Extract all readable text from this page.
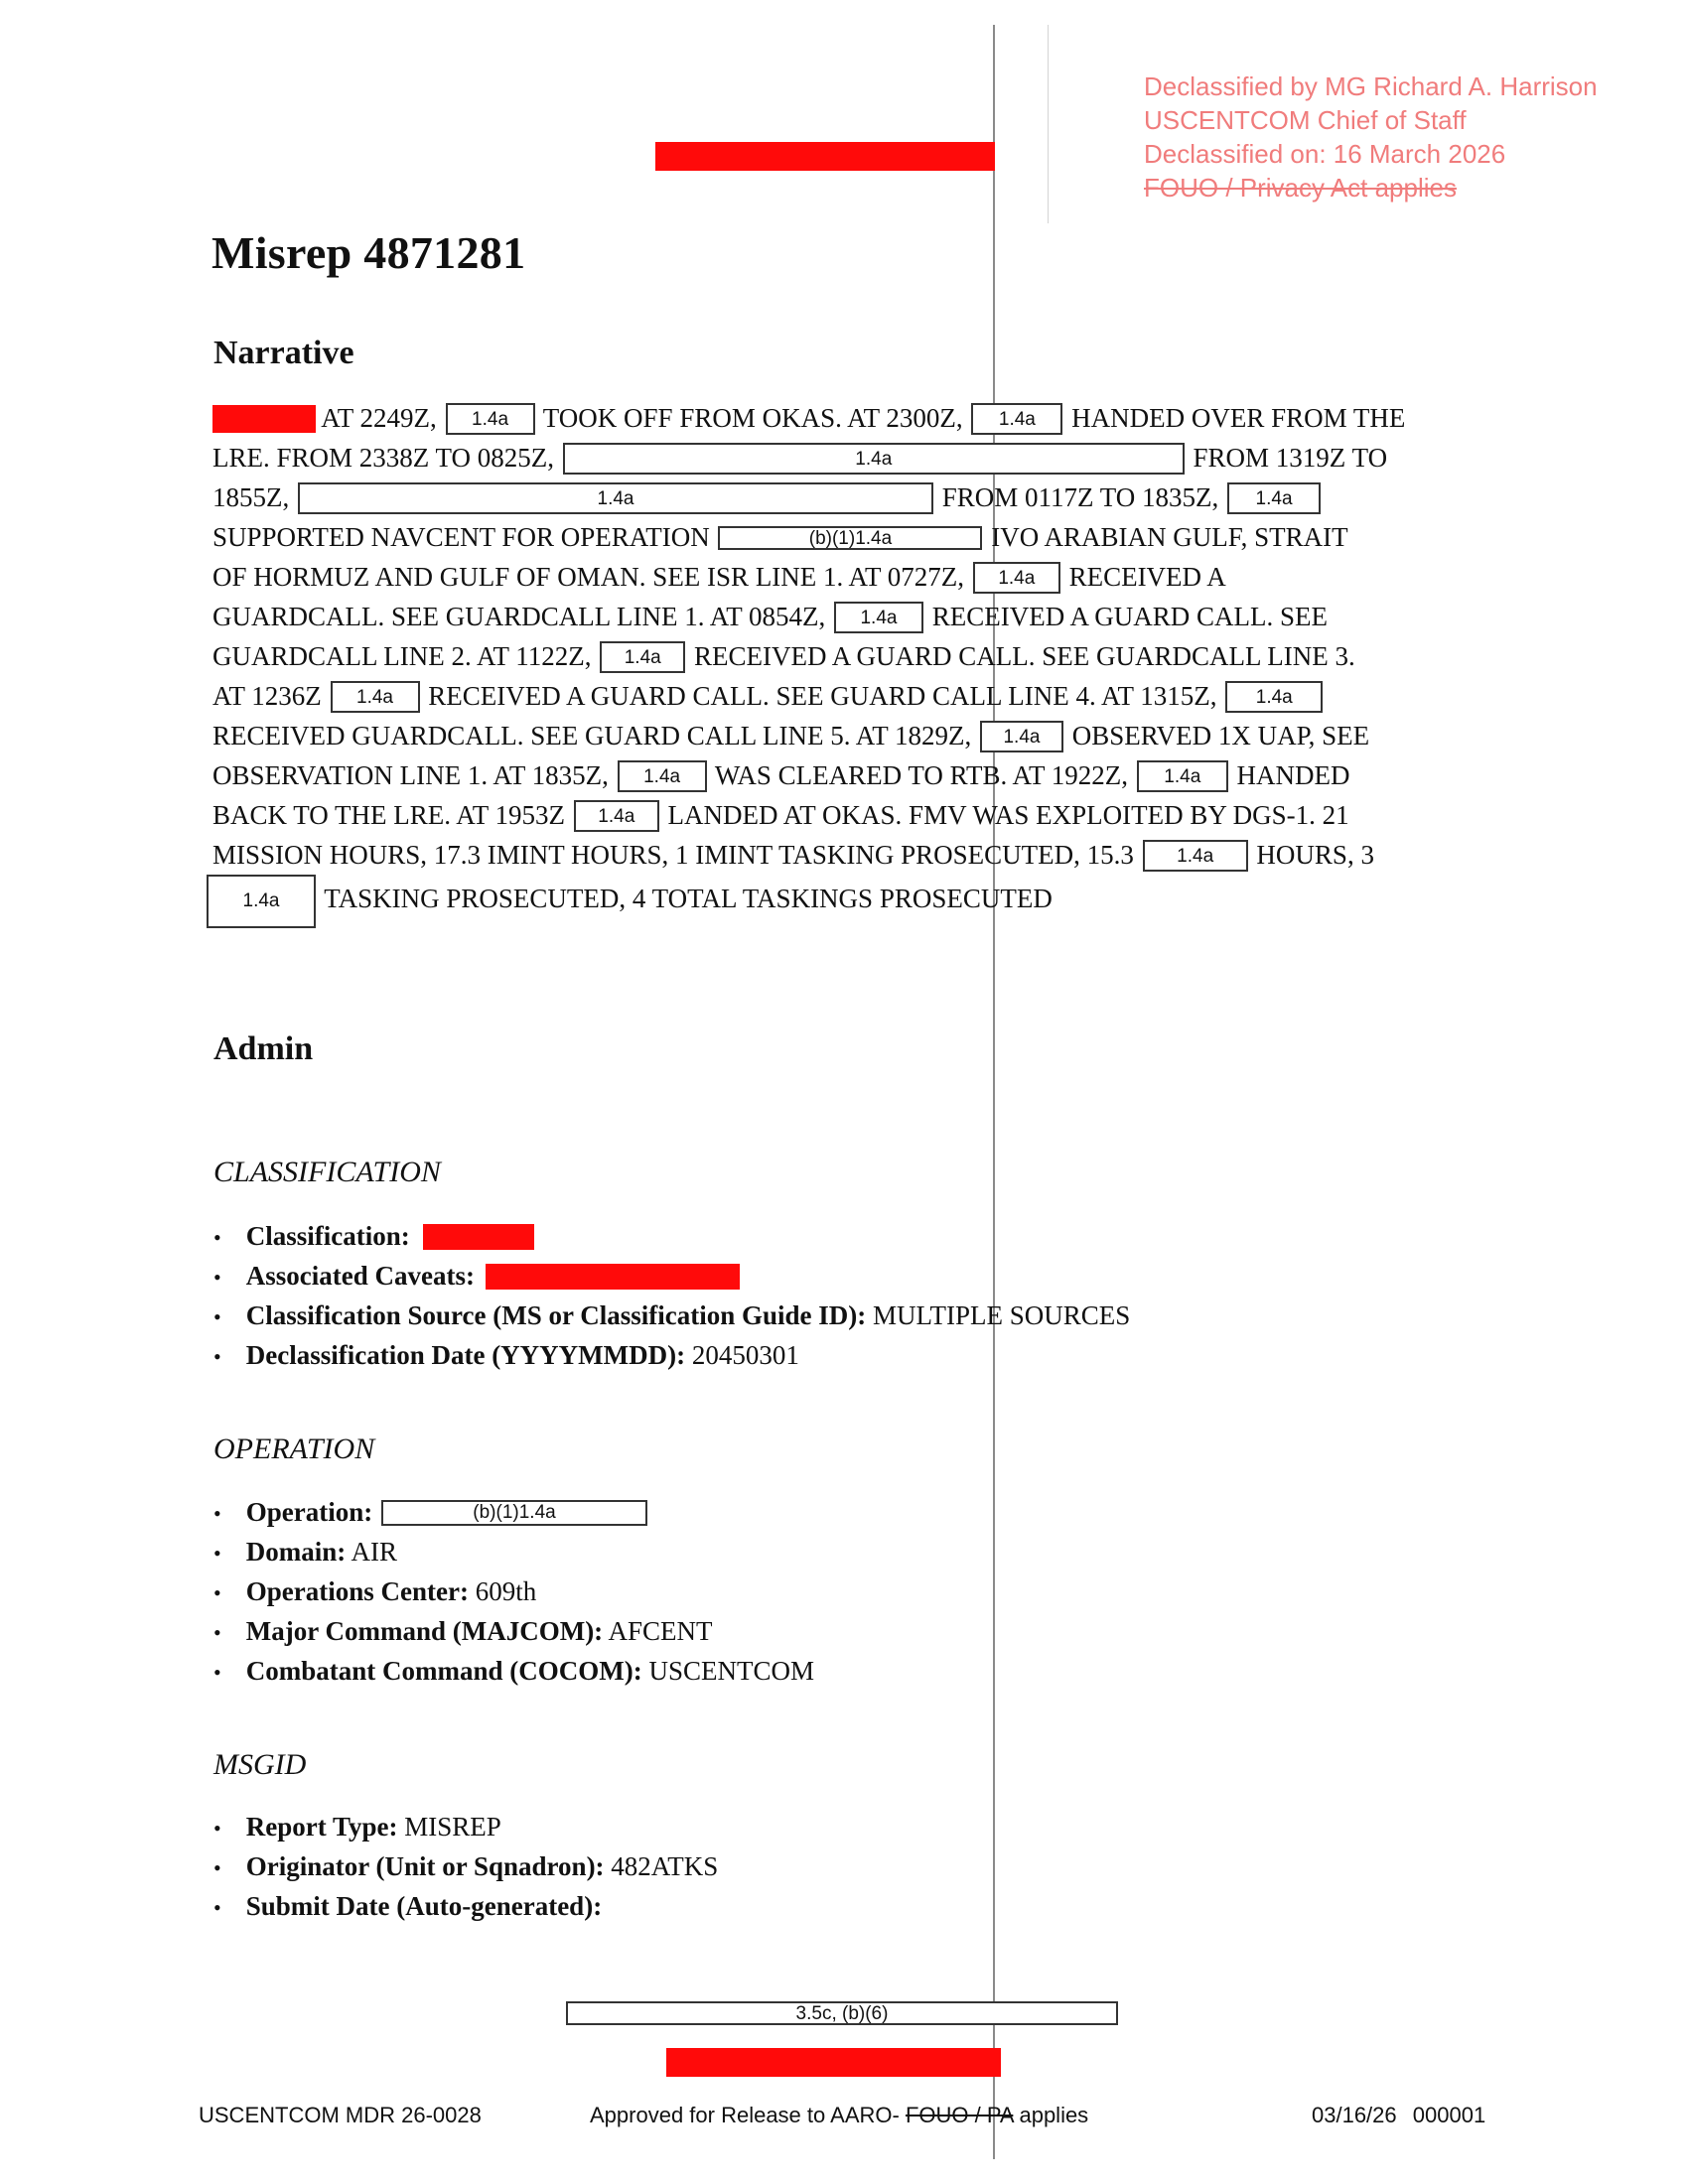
Declassified by MG Richard A. Harrison
USCENTCOM Chief of Staff
Declassified on: 16 March 2026
FOUO / Privacy Act applies
Misrep 4871281
Narrative
AT 2249Z, 1.4a TOOK OFF FROM OKAS. AT 2300Z, 1.4a HANDED OVER FROM THE
LRE. FROM 2338Z TO 0825Z,	1.4a	FROM 1319Z TO
1855Z,	1.4a	FROM 0117Z TO 1835Z, 1.4a
SUPPORTED NAVCENT FOR OPERATION	(b)(1)1.4a	IVO ARABIAN GULF, STRAIT
OF HORMUZ AND GULF OF OMAN. SEE ISR LINE 1. AT 0727Z, 1.4a RECEIVED A
GUARDCALL. SEE GUARDCALL LINE 1. AT 0854Z, 1.4a RECEIVED A GUARD CALL. SEE
GUARDCALL LINE 2. AT 1122Z, 1.4a RECEIVED A GUARD CALL. SEE GUARDCALL LINE 3.
AT 1236Z 1.4a RECEIVED A GUARD CALL. SEE GUARD CALL LINE 4. AT 1315Z, 1.4a
RECEIVED GUARDCALL. SEE GUARD CALL LINE 5. AT 1829Z, 1.4a OBSERVED 1X UAP, SEE
OBSERVATION LINE 1. AT 1835Z, 1.4a WAS CLEARED TO RTB. AT 1922Z, 1.4a HANDED
BACK TO THE LRE. AT 1953Z 1.4a LANDED AT OKAS. FMV WAS EXPLOITED BY DGS-1. 21
MISSION HOURS, 17.3 IMINT HOURS, 1 IMINT TASKING PROSECUTED, 15.3 1.4a HOURS, 3
1.4a TASKING PROSECUTED, 4 TOTAL TASKINGS PROSECUTED
Admin
CLASSIFICATION
• Classification:
• Associated Caveats:
• Classification Source (MS or Classification Guide ID): MULTIPLE SOURCES
• Declassification Date (YYYYMMDD): 20450301
OPERATION
• Operation:	(b)(1)1.4a
• Domain: AIR
• Operations Center: 609th
• Major Command (MAJCOM): AFCENT
• Combatant Command (COCOM): USCENTCOM
MSGID
• Report Type: MISREP
• Originator (Unit or Sqnadron): 482ATKS
• Submit Date (Auto-generated):
3.5c, (b)(6)
USCENTCOM MDR 26-0028	Approved for Release to AARO- FOUO / PA applies	03/16/26 000001
